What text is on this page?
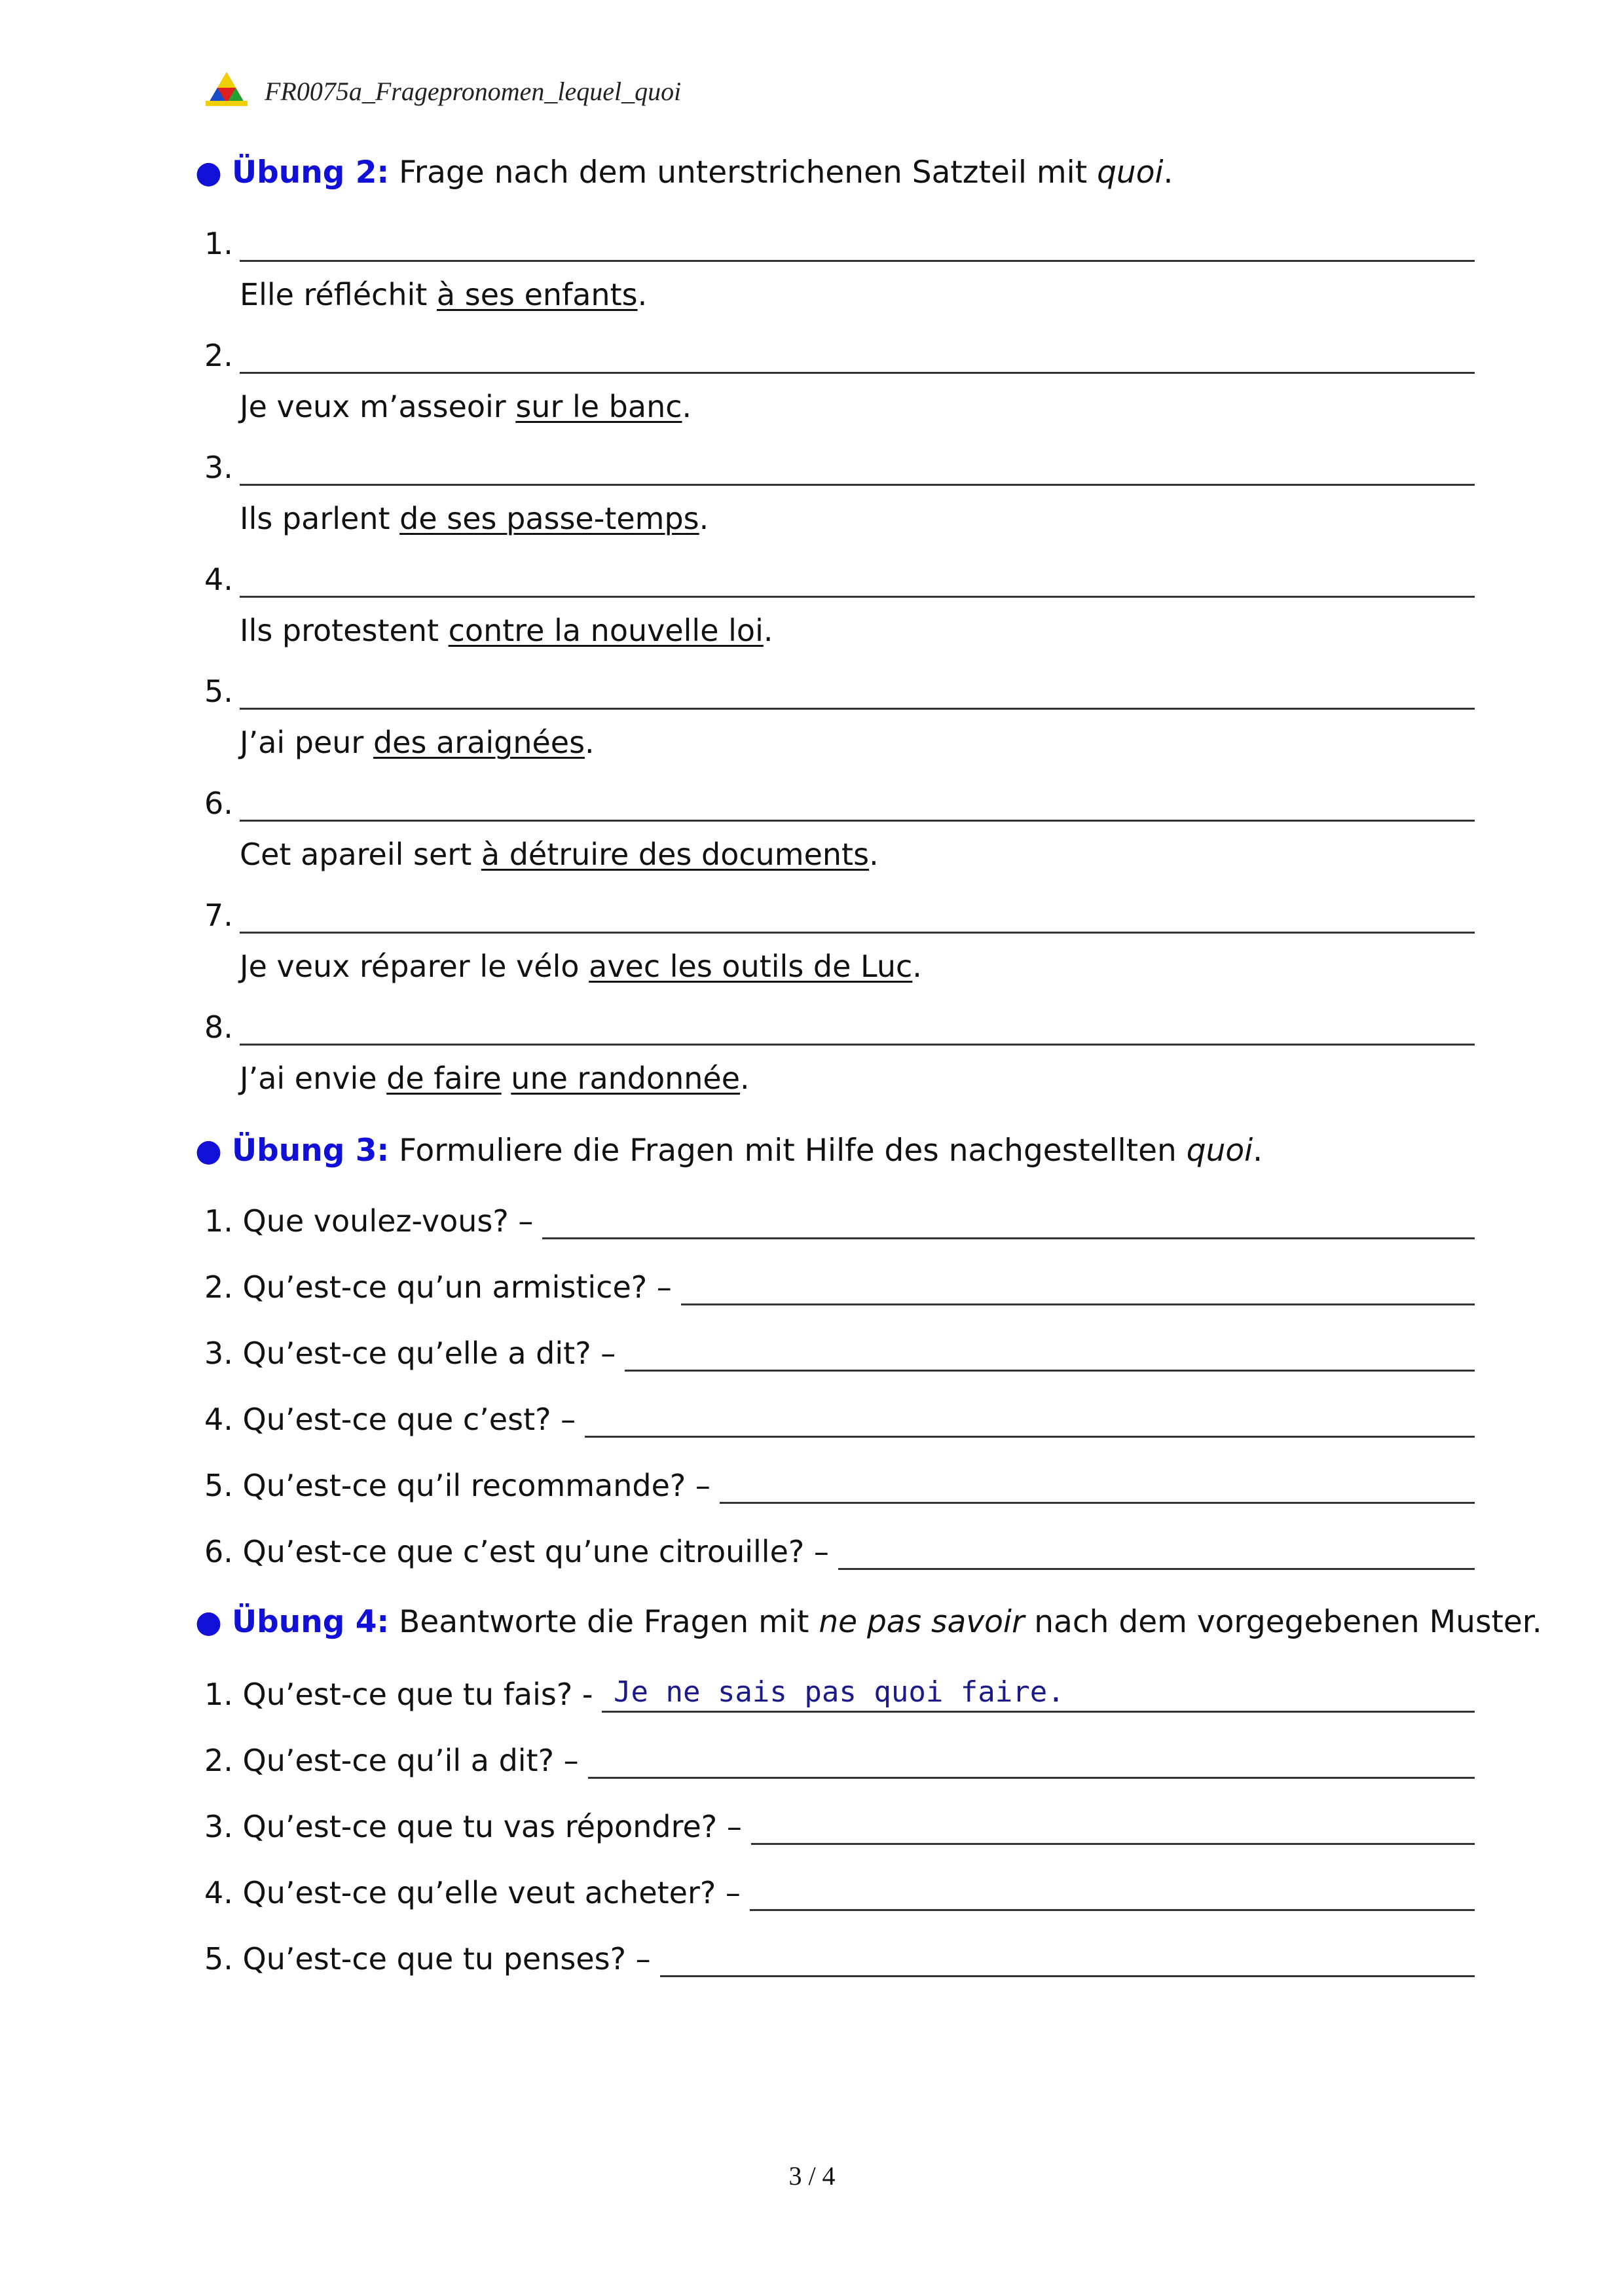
FR0075a_Fragepronomen_lequel_quoi
● Übung 2: Frage nach dem unterstrichenen Satzteil mit quoi.
1.
Elle réfléchit à ses enfants.
2.
Je veux m’asseoir sur le banc.
3.
Ils parlent de ses passe-temps.
4.
Ils protestent contre la nouvelle loi.
5.
J’ai peur des araignées.
6.
Cet apareil sert à détruire des documents.
7.
Je veux réparer le vélo avec les outils de Luc.
8.
J’ai envie de faire une randonnée.
● Übung 3: Formuliere die Fragen mit Hilfe des nachgestellten quoi.
1. Que voulez-vous? –
2. Qu’est-ce qu’un armistice? –
3. Qu’est-ce qu’elle a dit? –
4. Qu’est-ce que c’est? –
5. Qu’est-ce qu’il recommande? –
6. Qu’est-ce que c’est qu’une citrouille? –
● Übung 4: Beantworte die Fragen mit ne pas savoir nach dem vorgegebenen Muster.
1. Qu’est-ce que tu fais? - Je ne sais pas quoi faire.
2. Qu’est-ce qu’il a dit? –
3. Qu’est-ce que tu vas répondre? –
4. Qu’est-ce qu’elle veut acheter? –
5. Qu’est-ce que tu penses? –
3 / 4
